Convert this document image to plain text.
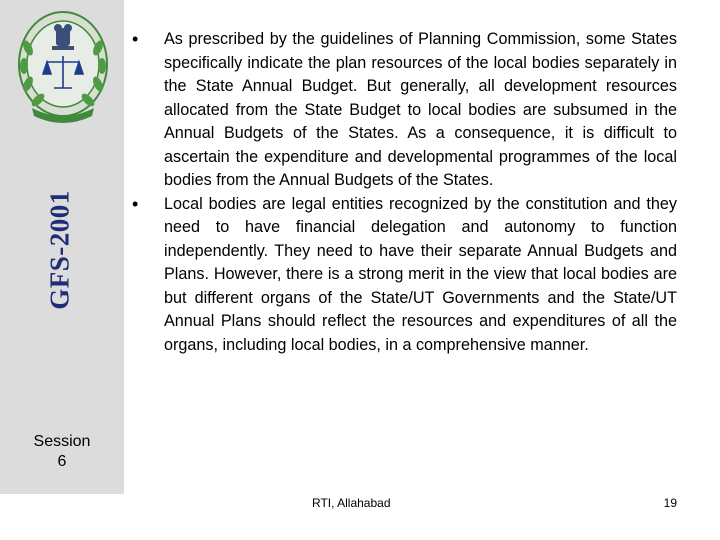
GFS-2001
Session
6
• As prescribed by the guidelines of Planning Commission, some States specifically indicate the plan resources of the local bodies separately in the State Annual Budget. But generally, all development resources allocated from the State Budget to local bodies are subsumed in the Annual Budgets of the States. As a consequence, it is difficult to ascertain the expenditure and developmental programmes of the local bodies from the Annual Budgets of the States.
• Local bodies are legal entities recognized by the constitution and they need to have financial delegation and autonomy to function independently. They need to have their separate Annual Budgets and Plans. However, there is a strong merit in the view that local bodies are but different organs of the State/UT Governments and the State/UT Annual Plans should reflect the resources and expenditures of all the organs, including local bodies, in a comprehensive manner.
RTI, Allahabad	19
